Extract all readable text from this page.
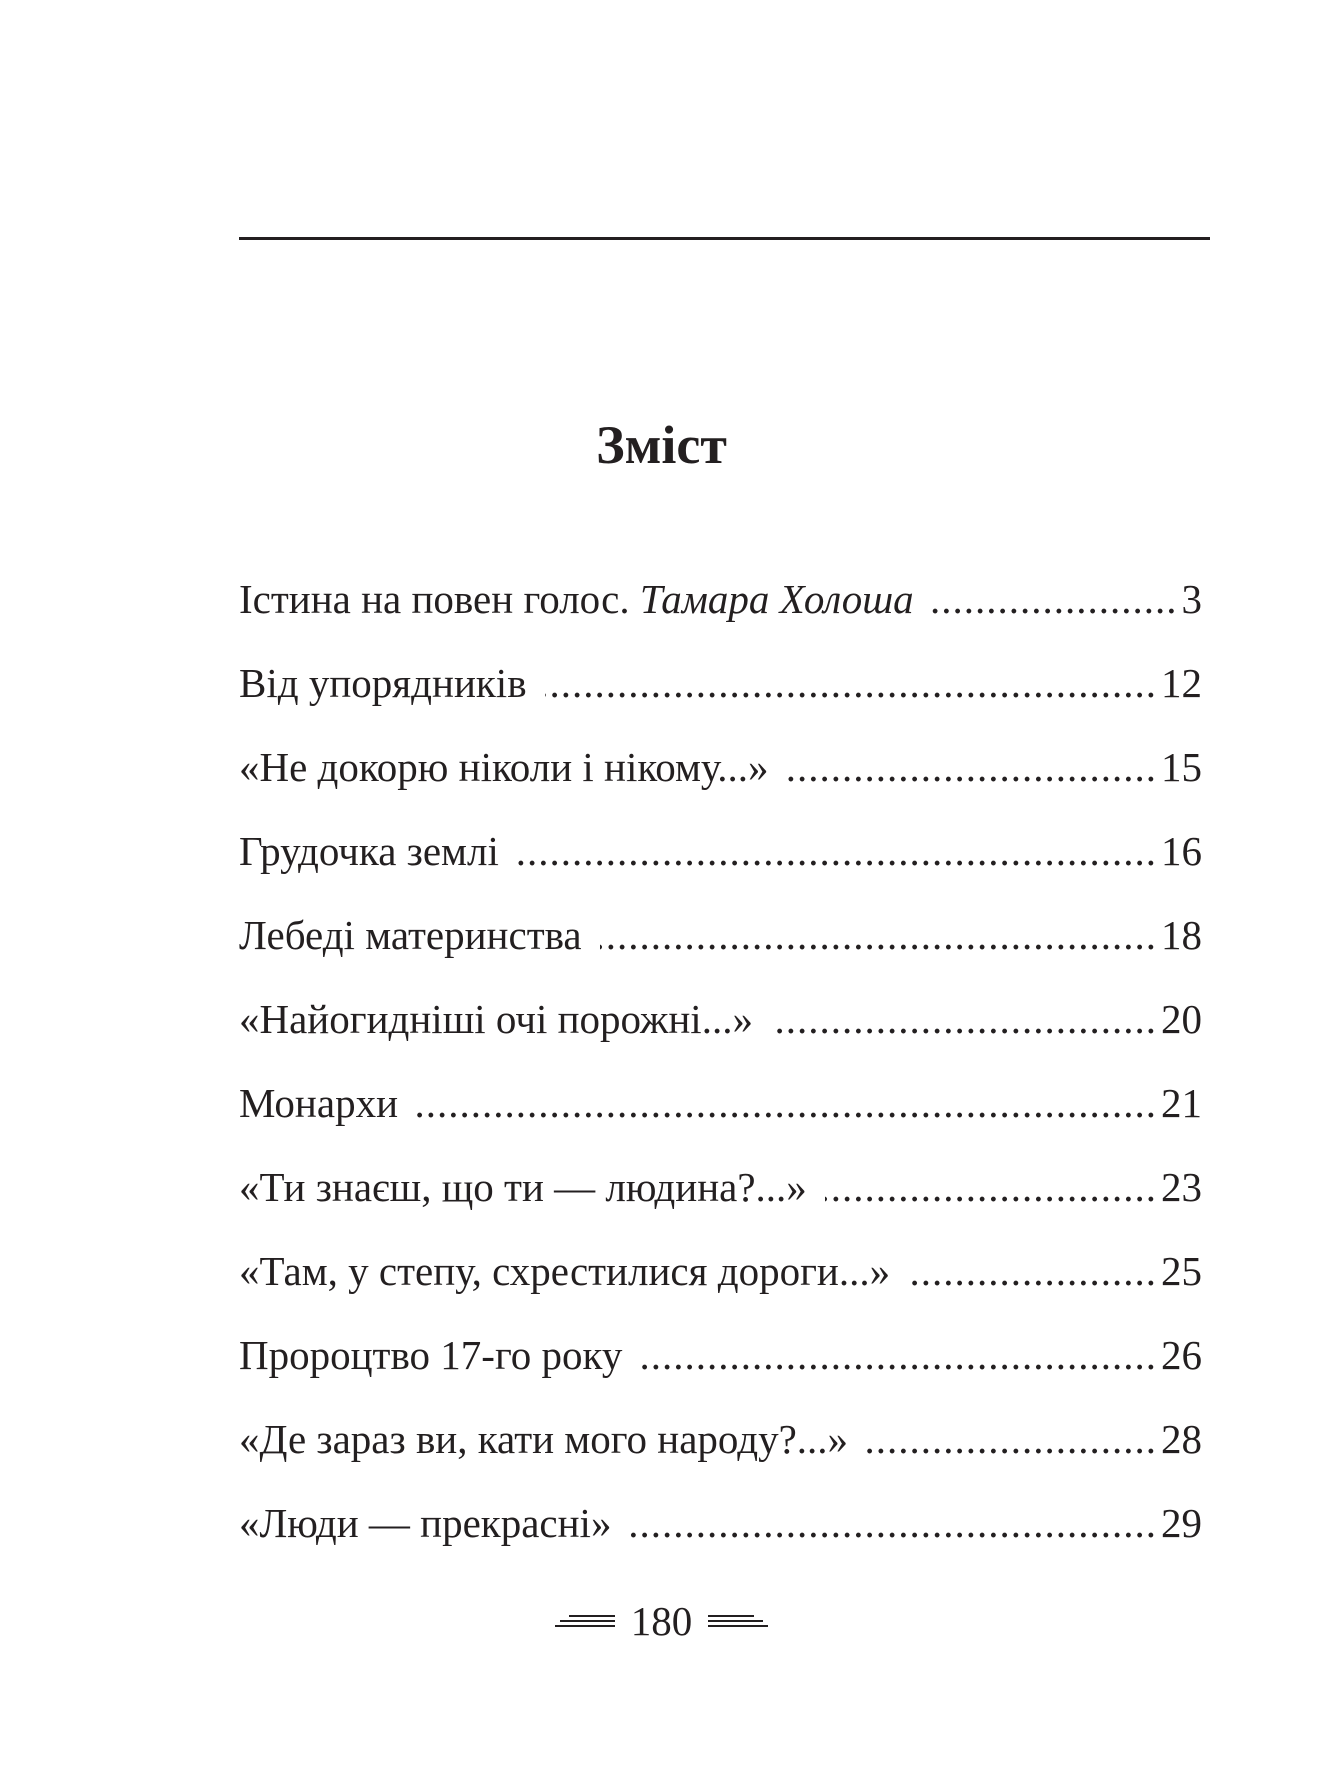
Зміст
Істина на повен голос. Тамара Холоша .....	3
Від упорядників .....	12
«Не докорю ніколи і нікому...» .....	15
Грудочка землі .....	16
Лебеді материнства .....	18
«Найогидніші очі порожні...» .....	20
Монархи .....	21
«Ти знаєш, що ти — людина?...» .....	23
«Там, у степу, схрестилися дороги...» .....	25
Пророцтво 17-го року .....	26
«Де зараз ви, кати мого народу?...» .....	28
«Люди — прекрасні» .....	29
180
